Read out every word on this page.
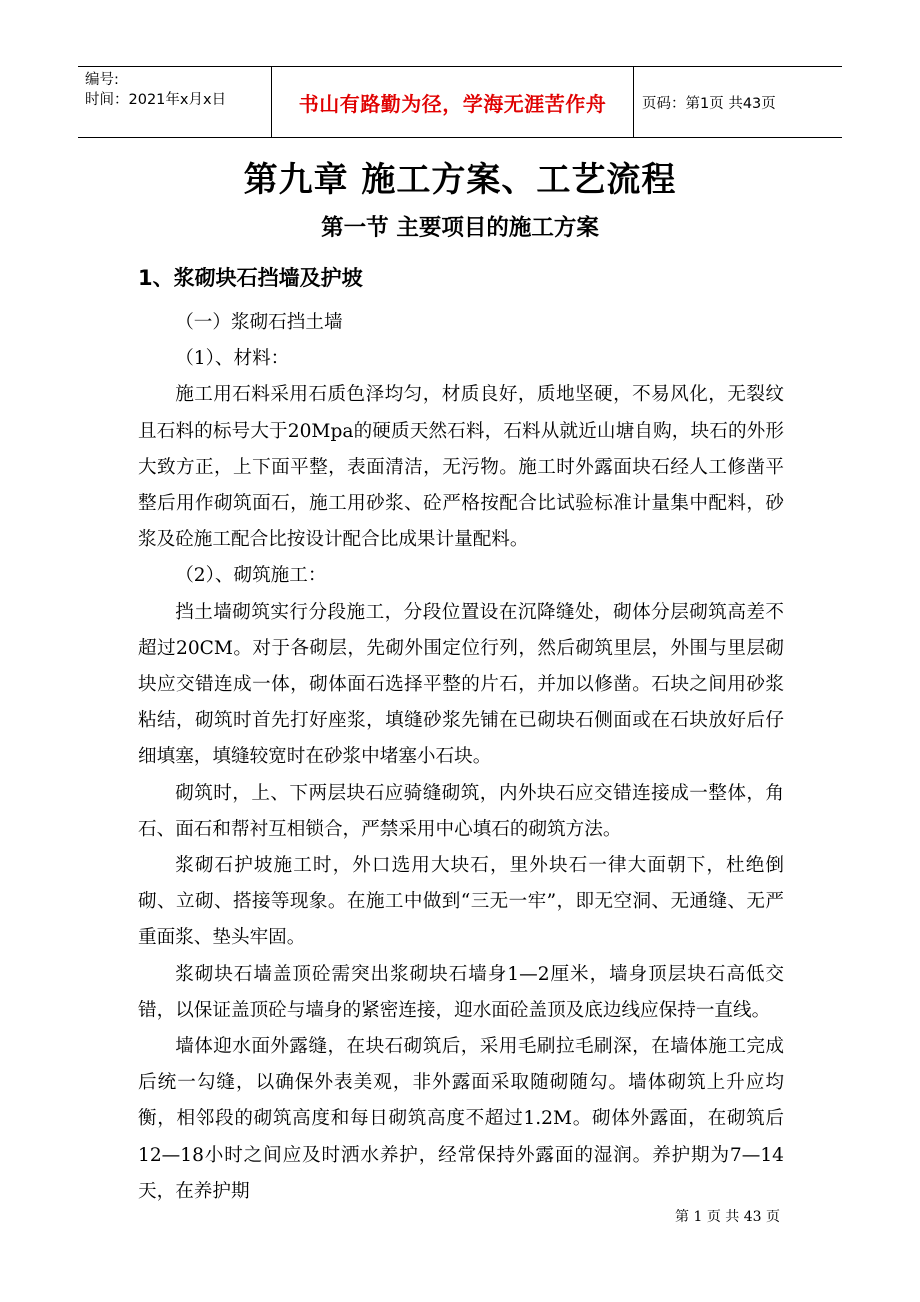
编号:
时间：2021年x月x日	书山有路勤为径，学海无涯苦作舟 页码：第1页 共43页
第九章 施工方案、工艺流程
第一节 主要项目的施工方案
1、浆砌块石挡墙及护坡

（一）浆砌石挡土墙

（1）、材料：

施工用石料采用石质色泽均匀，材质良好，质地坚硬，不易风化，无裂纹且石料的标号大于20Mpa的硬质天然石料，石料从就近山塘自购，块石的外形大致方正，上下面平整，表面清洁，无污物。施工时外露面块石经人工修凿平整后用作砌筑面石，施工用砂浆、砼严格按配合比试验标准计量集中配料，砂浆及砼施工配合比按设计配合比成果计量配料。

（2）、砌筑施工：

挡土墙砌筑实行分段施工，分段位置设在沉降缝处，砌体分层砌筑高差不超过20CM。对于各砌层，先砌外围定位行列，然后砌筑里层，外围与里层砌块应交错连成一体，砌体面石选择平整的片石，并加以修凿。石块之间用砂浆粘结，砌筑时首先打好座浆，填缝砂浆先铺在已砌块石侧面或在石块放好后仔细填塞，填缝较宽时在砂浆中堵塞小石块。

砌筑时，上、下两层块石应骑缝砌筑，内外块石应交错连接成一整体，角石、面石和帮衬互相锁合，严禁采用中心填石的砌筑方法。

浆砌石护坡施工时，外口选用大块石，里外块石一律大面朝下，杜绝倒砌、立砌、搭接等现象。在施工中做到“三无一牢”，即无空洞、无通缝、无严重面浆、垫头牢固。

浆砌块石墙盖顶砼需突出浆砌块石墙身1—2厘米，墙身顶层块石高低交错，以保证盖顶砼与墙身的紧密连接，迎水面砼盖顶及底边线应保持一直线。

墙体迎水面外露缝，在块石砌筑后，采用毛刷拉毛刷深，在墙体施工完成后统一勾缝，以确保外表美观，非外露面采取随砌随勾。墙体砌筑上升应均衡，相邻段的砌筑高度和每日砌筑高度不超过1.2M。砌体外露面，在砌筑后12—18小时之间应及时洒水养护，经常保持外露面的湿润。养护期为7—14天，在养护期

第 1 页 共 43 页
